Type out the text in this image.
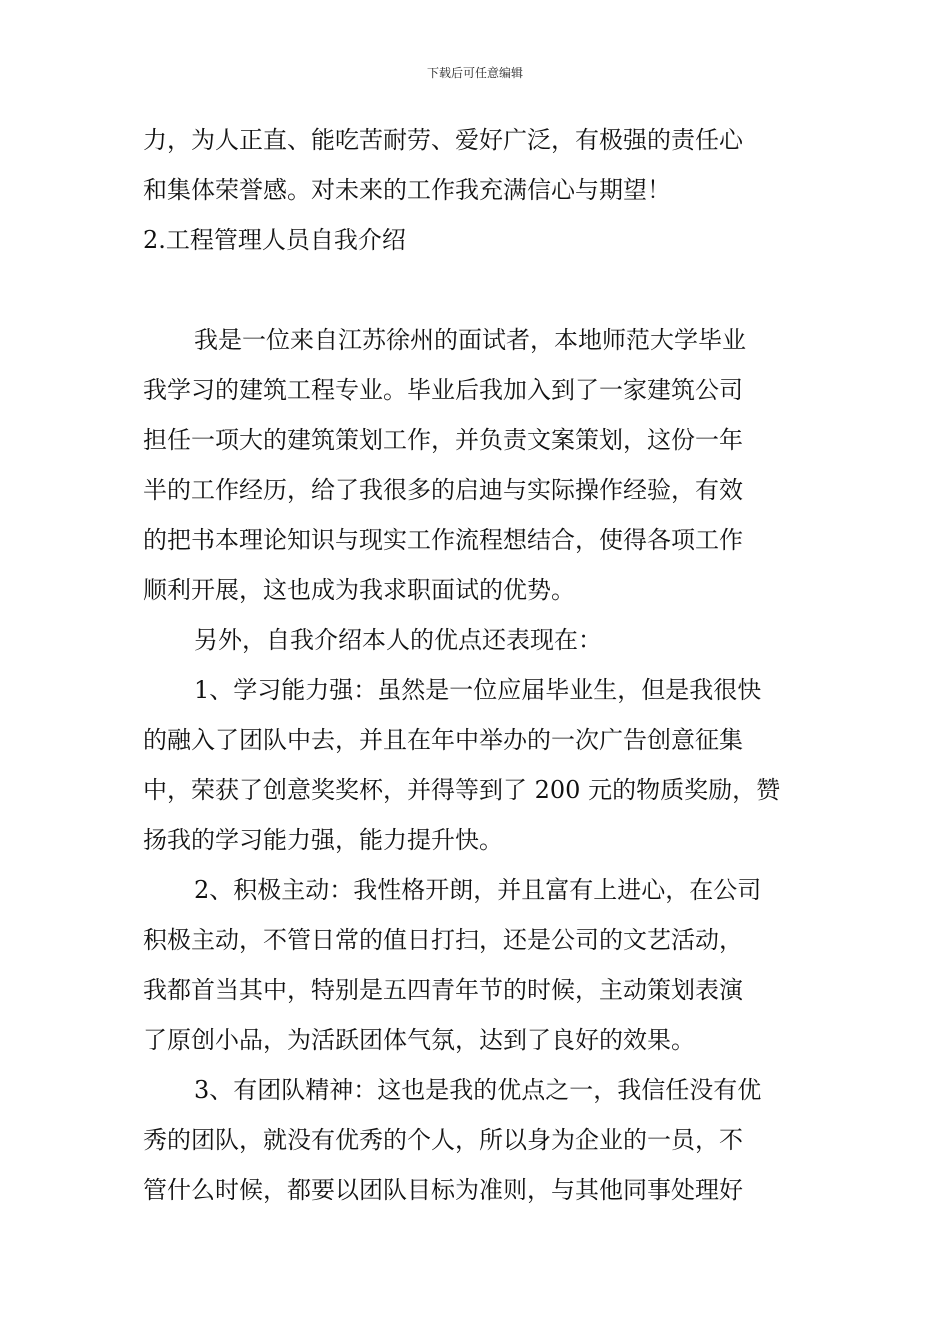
下载后可任意编辑
力，为人正直、能吃苦耐劳、爱好广泛，有极强的责任心
和集体荣誉感。对未来的工作我充满信心与期望！
2.工程管理人员自我介绍
我是一位来自江苏徐州的面试者，本地师范大学毕业
我学习的建筑工程专业。毕业后我加入到了一家建筑公司
担任一项大的建筑策划工作，并负责文案策划，这份一年
半的工作经历，给了我很多的启迪与实际操作经验，有效
的把书本理论知识与现实工作流程想结合，使得各项工作
顺利开展，这也成为我求职面试的优势。
另外，自我介绍本人的优点还表现在：
1、学习能力强：虽然是一位应届毕业生，但是我很快
的融入了团队中去，并且在年中举办的一次广告创意征集
中，荣获了创意奖奖杯，并得等到了 200 元的物质奖励，赞
扬我的学习能力强，能力提升快。
2、积极主动：我性格开朗，并且富有上进心，在公司
积极主动，不管日常的值日打扫，还是公司的文艺活动，
我都首当其中，特别是五四青年节的时候，主动策划表演
了原创小品，为活跃团体气氛，达到了良好的效果。
3、有团队精神：这也是我的优点之一，我信任没有优
秀的团队，就没有优秀的个人，所以身为企业的一员，不
管什么时候，都要以团队目标为准则，与其他同事处理好
